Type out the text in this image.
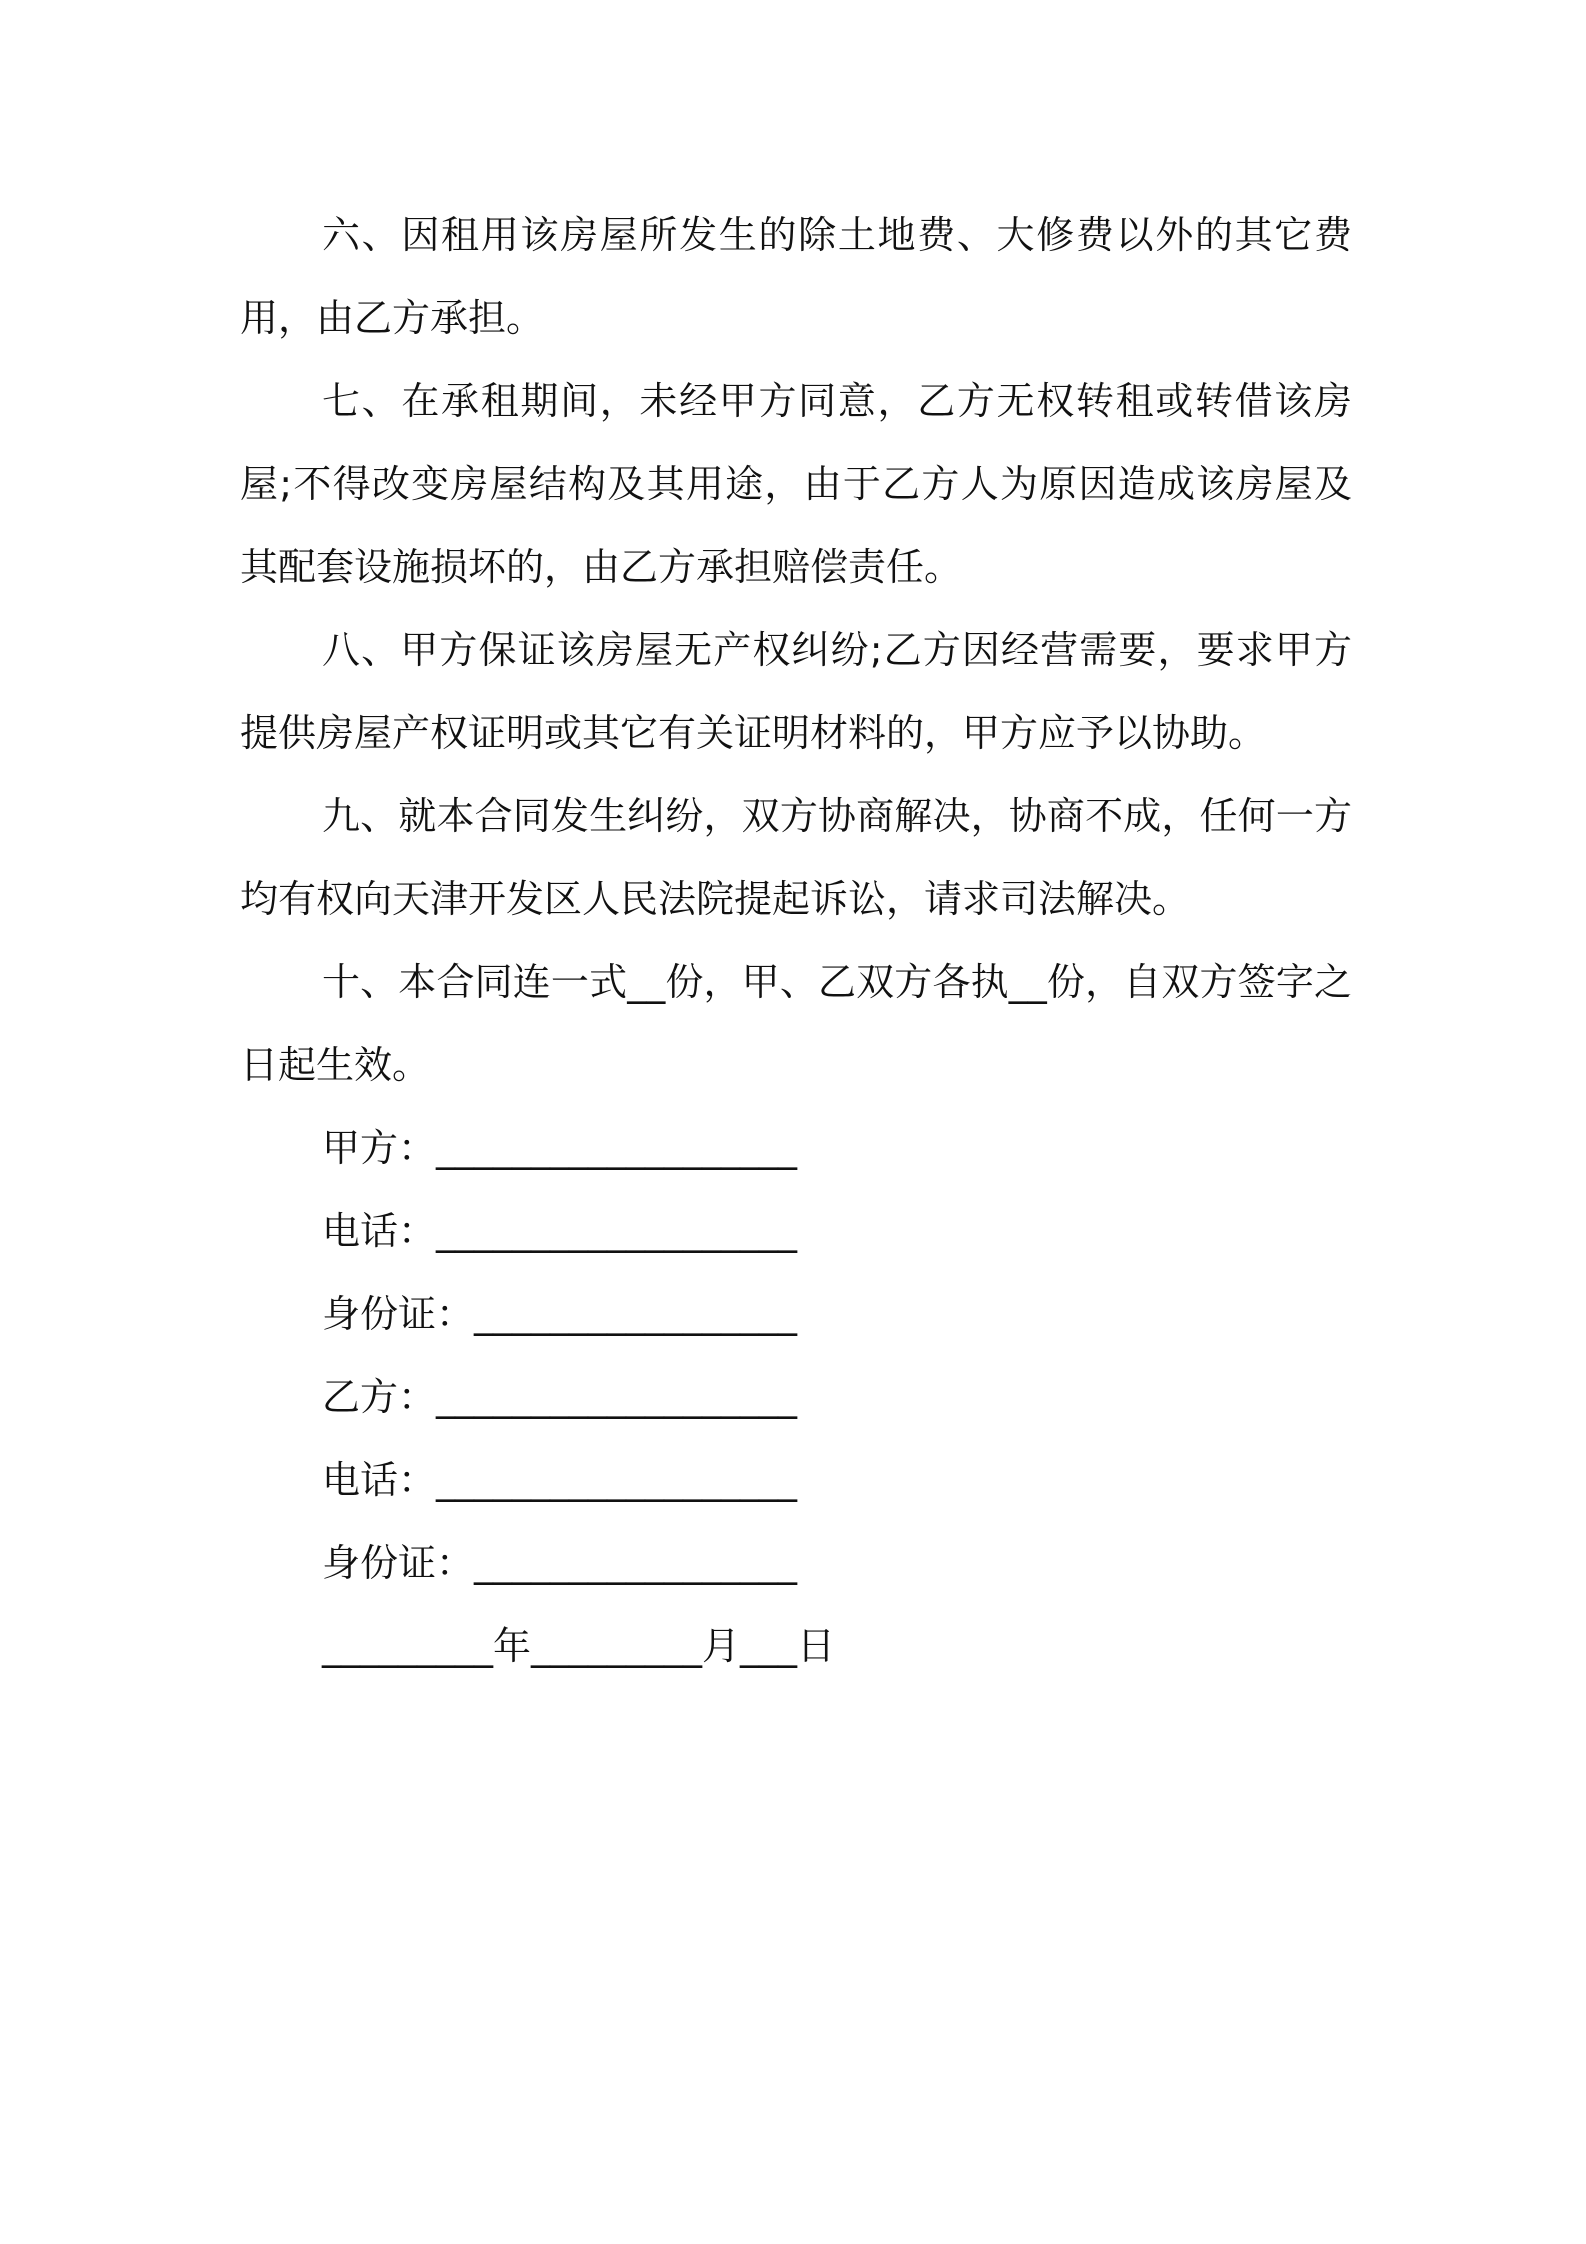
六、因租用该房屋所发生的除土地费、大修费以外的其它费用，由乙方承担。

七、在承租期间，未经甲方同意，乙方无权转租或转借该房屋;不得改变房屋结构及其用途，由于乙方人为原因造成该房屋及其配套设施损坏的，由乙方承担赔偿责任。

八、甲方保证该房屋无产权纠纷;乙方因经营需要，要求甲方提供房屋产权证明或其它有关证明材料的，甲方应予以协助。

九、就本合同发生纠纷，双方协商解决，协商不成，任何一方均有权向天津开发区人民法院提起诉讼，请求司法解决。

十、本合同连一式__份，甲、乙双方各执__份，自双方签字之日起生效。

甲方：___________________

电话：___________________

身份证：_________________

乙方：___________________

电话：___________________

身份证：_________________

_________年_________月___日
